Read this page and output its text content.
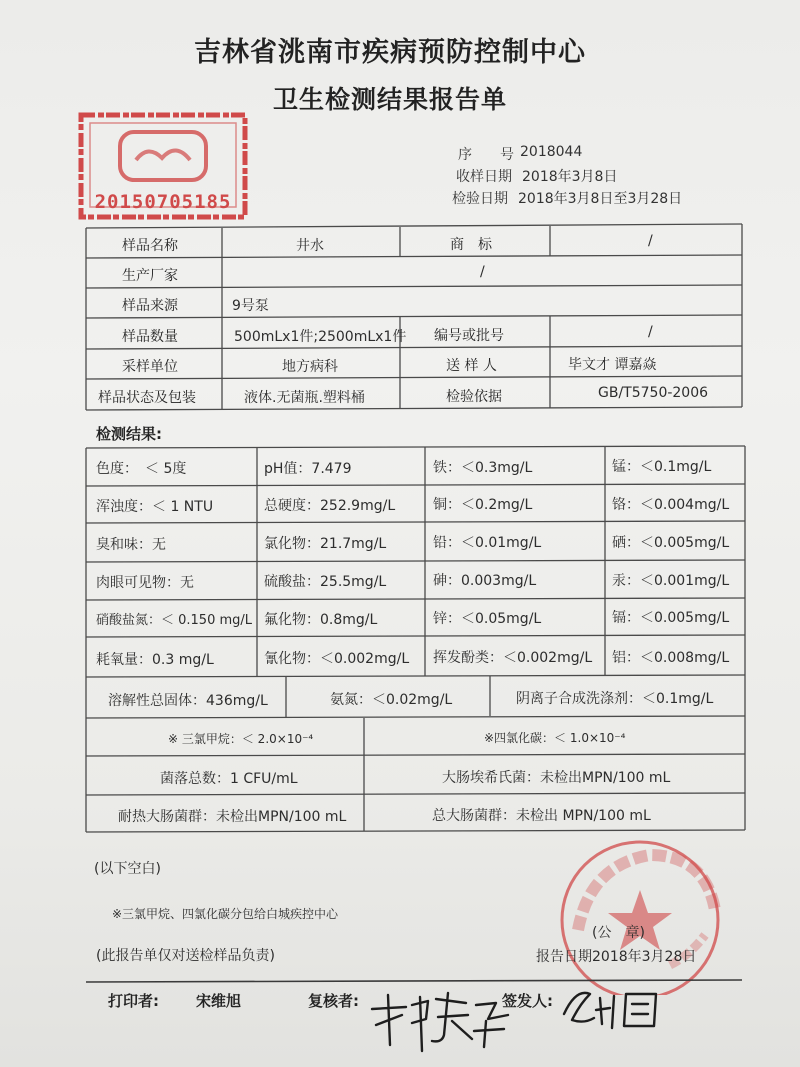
吉林省洮南市疾病预防控制中心
卫生检测结果报告单
20150705185
序　　号 2018044
收样日期 2018年3月8日
检验日期 2018年3月8日至3月28日
样品名称	井水	商　标	/
生产厂家	/
样品来源	9号泵
样品数量	500mLx1件;2500mLx1件 编号或批号	/
采样单位	地方病科	送 样 人	毕文才 谭嘉焱
样品状态及包装	液体.无菌瓶.塑料桶	检验依据	GB/T5750-2006
检测结果:
色度：　＜ 5度	pH值：7.479	铁：＜0.3mg/L	锰：＜0.1mg/L
浑浊度：＜ 1 NTU	总硬度：252.9mg/L	铜：＜0.2mg/L	铬：＜0.004mg/L
臭和味：无	氯化物：21.7mg/L	铅：＜0.01mg/L	硒：＜0.005mg/L
肉眼可见物：无	硫酸盐：25.5mg/L	砷：0.003mg/L	汞：＜0.001mg/L
硝酸盐氮：＜ 0.150 mg/L 氟化物：0.8mg/L	锌：＜0.05mg/L	镉：＜0.005mg/L
耗氧量：0.3 mg/L	氰化物：＜0.002mg/L 挥发酚类：＜0.002mg/L 铝：＜0.008mg/L
溶解性总固体：436mg/L	氨氮：＜0.02mg/L	阴离子合成洗涤剂：＜0.1mg/L
※ 三氯甲烷：＜ 2.0×10⁻⁴	※四氯化碳：＜ 1.0×10⁻⁴
菌落总数：1 CFU/mL	大肠埃希氏菌：未检出MPN/100 mL
耐热大肠菌群：未检出MPN/100 mL	总大肠菌群：未检出 MPN/100 mL
(以下空白)
※三氯甲烷、四氯化碳分包给白城疾控中心
(此报告单仅对送检样品负责)
(公　章)
报告日期2018年3月28日
打印者: 宋维旭	复核者:	签发人:
